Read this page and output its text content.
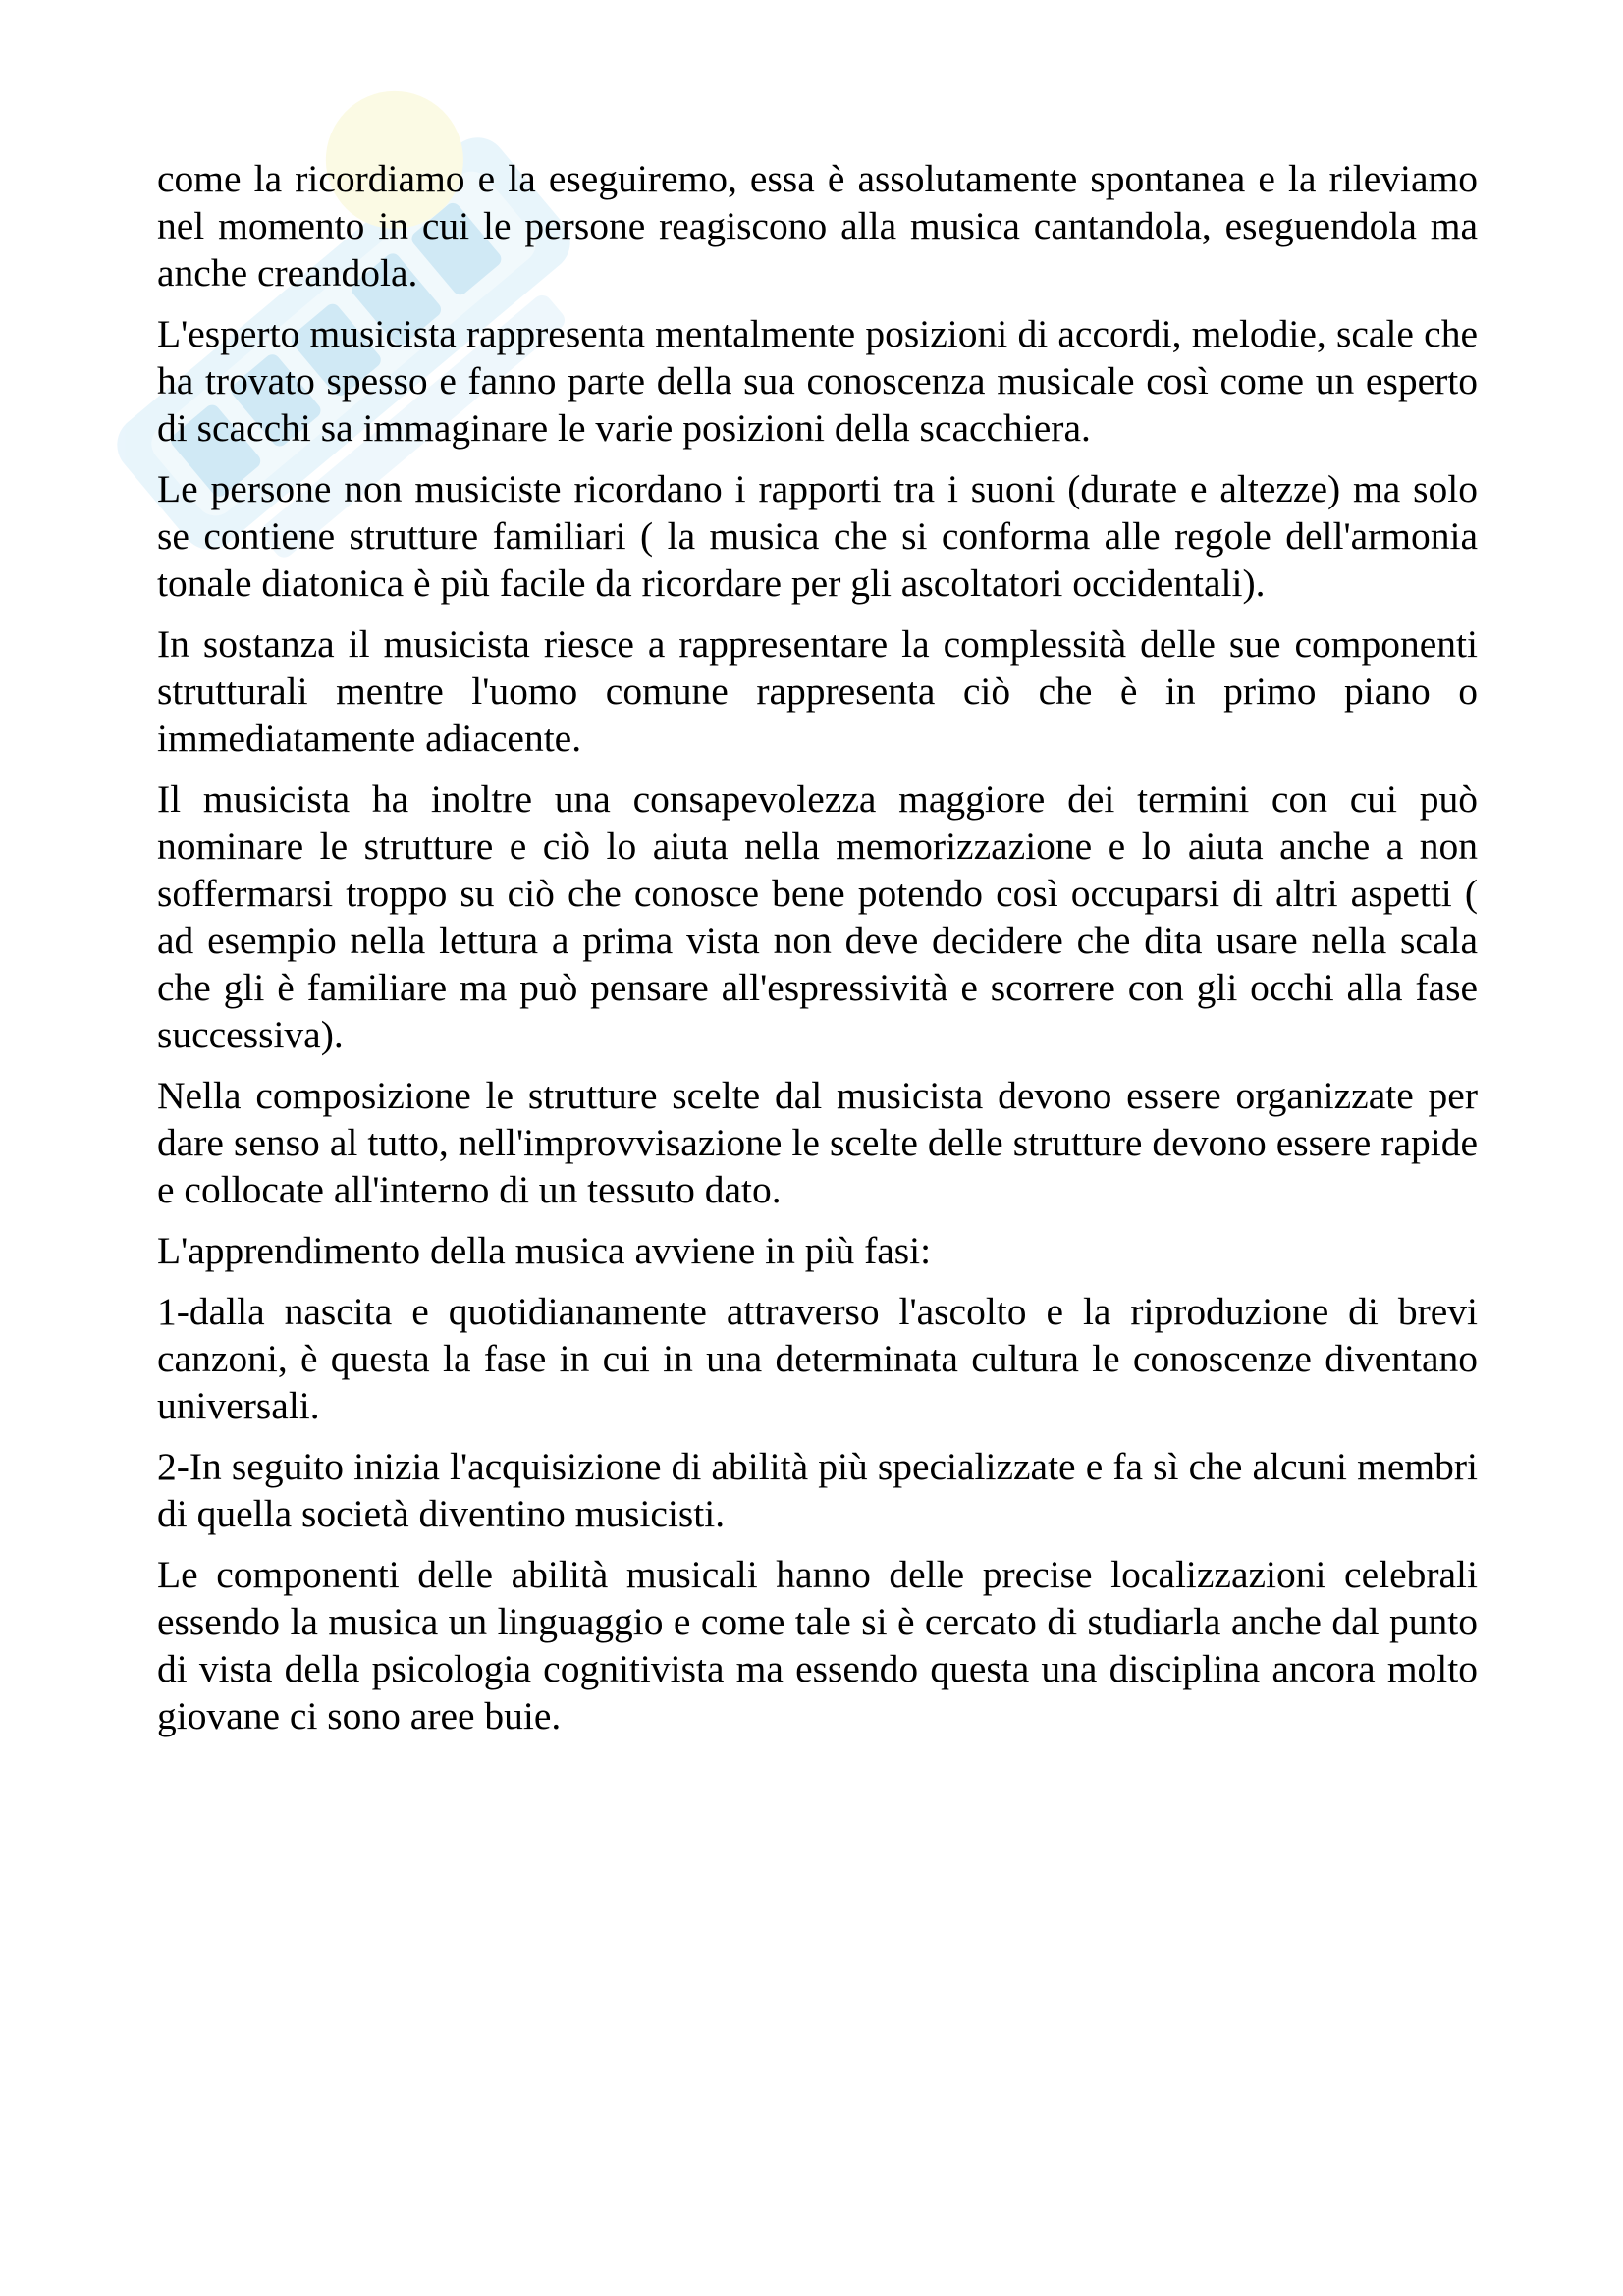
come la ricordiamo e la eseguiremo, essa è assolutamente spontanea e la rileviamo nel momento in cui le persone reagiscono alla musica cantandola, eseguendola ma anche creandola.

L'esperto musicista rappresenta mentalmente posizioni di accordi, melodie, scale che ha trovato spesso e fanno parte della sua conoscenza musicale così come un esperto di scacchi sa immaginare le varie posizioni della scacchiera.

Le persone non musiciste ricordano i rapporti tra i suoni (durate e altezze) ma solo se contiene strutture familiari ( la musica che si conforma alle regole dell'armonia tonale diatonica è più facile da ricordare per gli ascoltatori occidentali).

In sostanza il musicista riesce a rappresentare la complessità delle sue componenti strutturali mentre l'uomo comune rappresenta ciò che è in primo piano o immediatamente adiacente.

Il musicista ha inoltre una consapevolezza maggiore dei termini con cui può nominare le strutture e ciò lo aiuta nella memorizzazione e lo aiuta anche a non soffermarsi troppo su ciò che conosce bene potendo così occuparsi di altri aspetti ( ad esempio nella lettura a prima vista non deve decidere che dita usare nella scala che gli è familiare ma può pensare all'espressività e scorrere con gli occhi alla fase successiva).

Nella composizione le strutture scelte dal musicista devono essere organizzate per dare senso al tutto, nell'improvvisazione le scelte delle strutture devono essere rapide e collocate all'interno di un tessuto dato.

L'apprendimento della musica avviene in più fasi:

1-dalla nascita e quotidianamente attraverso l'ascolto e la riproduzione di brevi canzoni, è questa la fase in cui in una determinata cultura le conoscenze diventano universali.

2-In seguito inizia l'acquisizione di abilità più specializzate e fa sì che alcuni membri di quella società diventino musicisti.

Le componenti delle abilità musicali hanno delle precise localizzazioni celebrali essendo la musica un linguaggio e come tale si è cercato di studiarla anche dal punto di vista della psicologia cognitivista ma essendo questa una disciplina ancora molto giovane ci sono aree buie.
